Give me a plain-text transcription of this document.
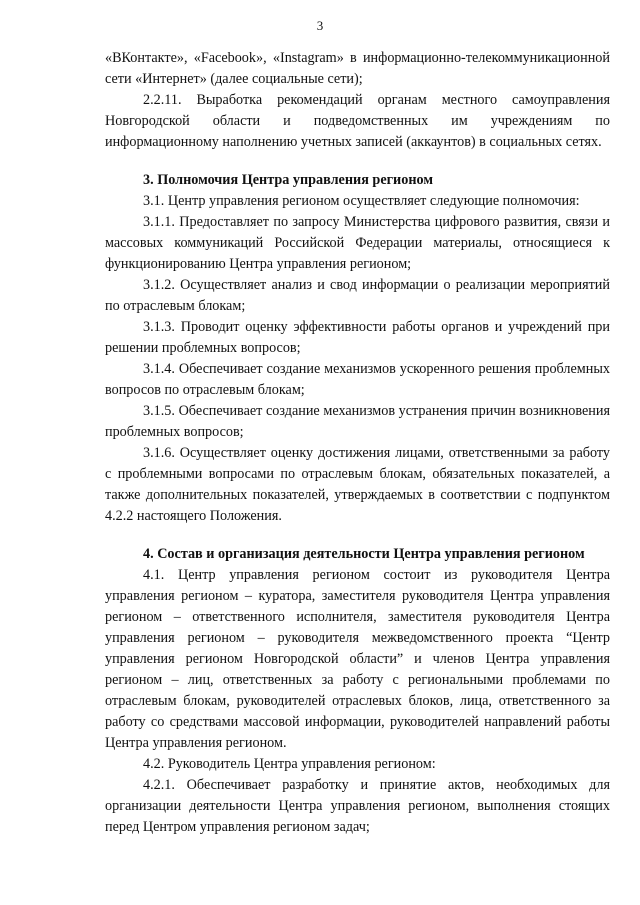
3

«ВКонтакте», «Facebook», «Instagram» в информационно-телекоммуникационной сети «Интернет» (далее социальные сети);

2.2.11. Выработка рекомендаций органам местного самоуправления Новгородской области и подведомственных им учреждениям по информационному наполнению учетных записей (аккаунтов) в социальных сетях.

3. Полномочия Центра управления регионом

3.1. Центр управления регионом осуществляет следующие полномочия:

3.1.1. Предоставляет по запросу Министерства цифрового развития, связи и массовых коммуникаций Российской Федерации материалы, относящиеся к функционированию Центра управления регионом;

3.1.2. Осуществляет анализ и свод информации о реализации мероприятий по отраслевым блокам;

3.1.3. Проводит оценку эффективности работы органов и учреждений при решении проблемных вопросов;

3.1.4. Обеспечивает создание механизмов ускоренного решения проблемных вопросов по отраслевым блокам;

3.1.5. Обеспечивает создание механизмов устранения причин возникновения проблемных вопросов;

3.1.6. Осуществляет оценку достижения лицами, ответственными за работу с проблемными вопросами по отраслевым блокам, обязательных показателей, а также дополнительных показателей, утверждаемых в соответствии с подпунктом 4.2.2 настоящего Положения.

4. Состав и организация деятельности Центра управления регионом

4.1. Центр управления регионом состоит из руководителя Центра управления регионом – куратора, заместителя руководителя Центра управления регионом – ответственного исполнителя, заместителя руководителя Центра управления регионом – руководителя межведомственного проекта “Центр управления регионом Новгородской области” и членов Центра управления регионом – лиц, ответственных за работу с региональными проблемами по отраслевым блокам, руководителей отраслевых блоков, лица, ответственного за работу со средствами массовой информации, руководителей направлений работы Центра управления регионом.

4.2. Руководитель Центра управления регионом:

4.2.1. Обеспечивает разработку и принятие актов, необходимых для организации деятельности Центра управления регионом, выполнения стоящих перед Центром управления регионом задач;
